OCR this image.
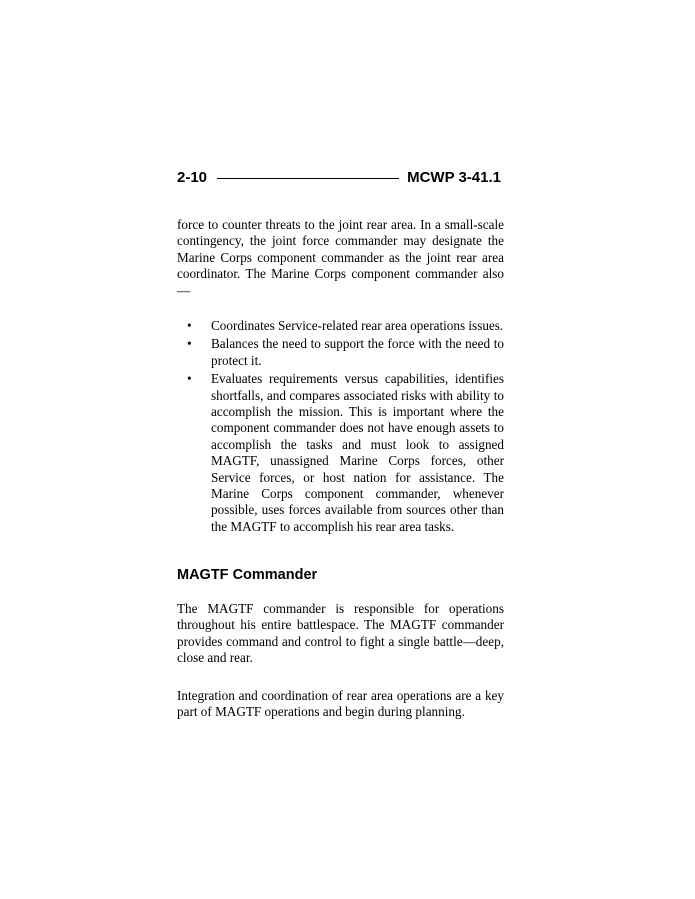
2-10	MCWP 3-41.1

force to counter threats to the joint rear area. In a small-scale contingency, the joint force commander may designate the Marine Corps component commander as the joint rear area coordinator. The Marine Corps component commander also—

• Coordinates Service-related rear area operations issues.
• Balances the need to support the force with the need to protect it.
• Evaluates requirements versus capabilities, identifies shortfalls, and compares associated risks with ability to accomplish the mission. This is important where the component commander does not have enough assets to accomplish the tasks and must look to assigned MAGTF, unassigned Marine Corps forces, other Service forces, or host nation for assistance. The Marine Corps component commander, whenever possible, uses forces available from sources other than the MAGTF to accomplish his rear area tasks.
MAGTF Commander

The MAGTF commander is responsible for operations throughout his entire battlespace. The MAGTF commander provides command and control to fight a single battle—deep, close and rear.

Integration and coordination of rear area operations are a key part of MAGTF operations and begin during planning.
